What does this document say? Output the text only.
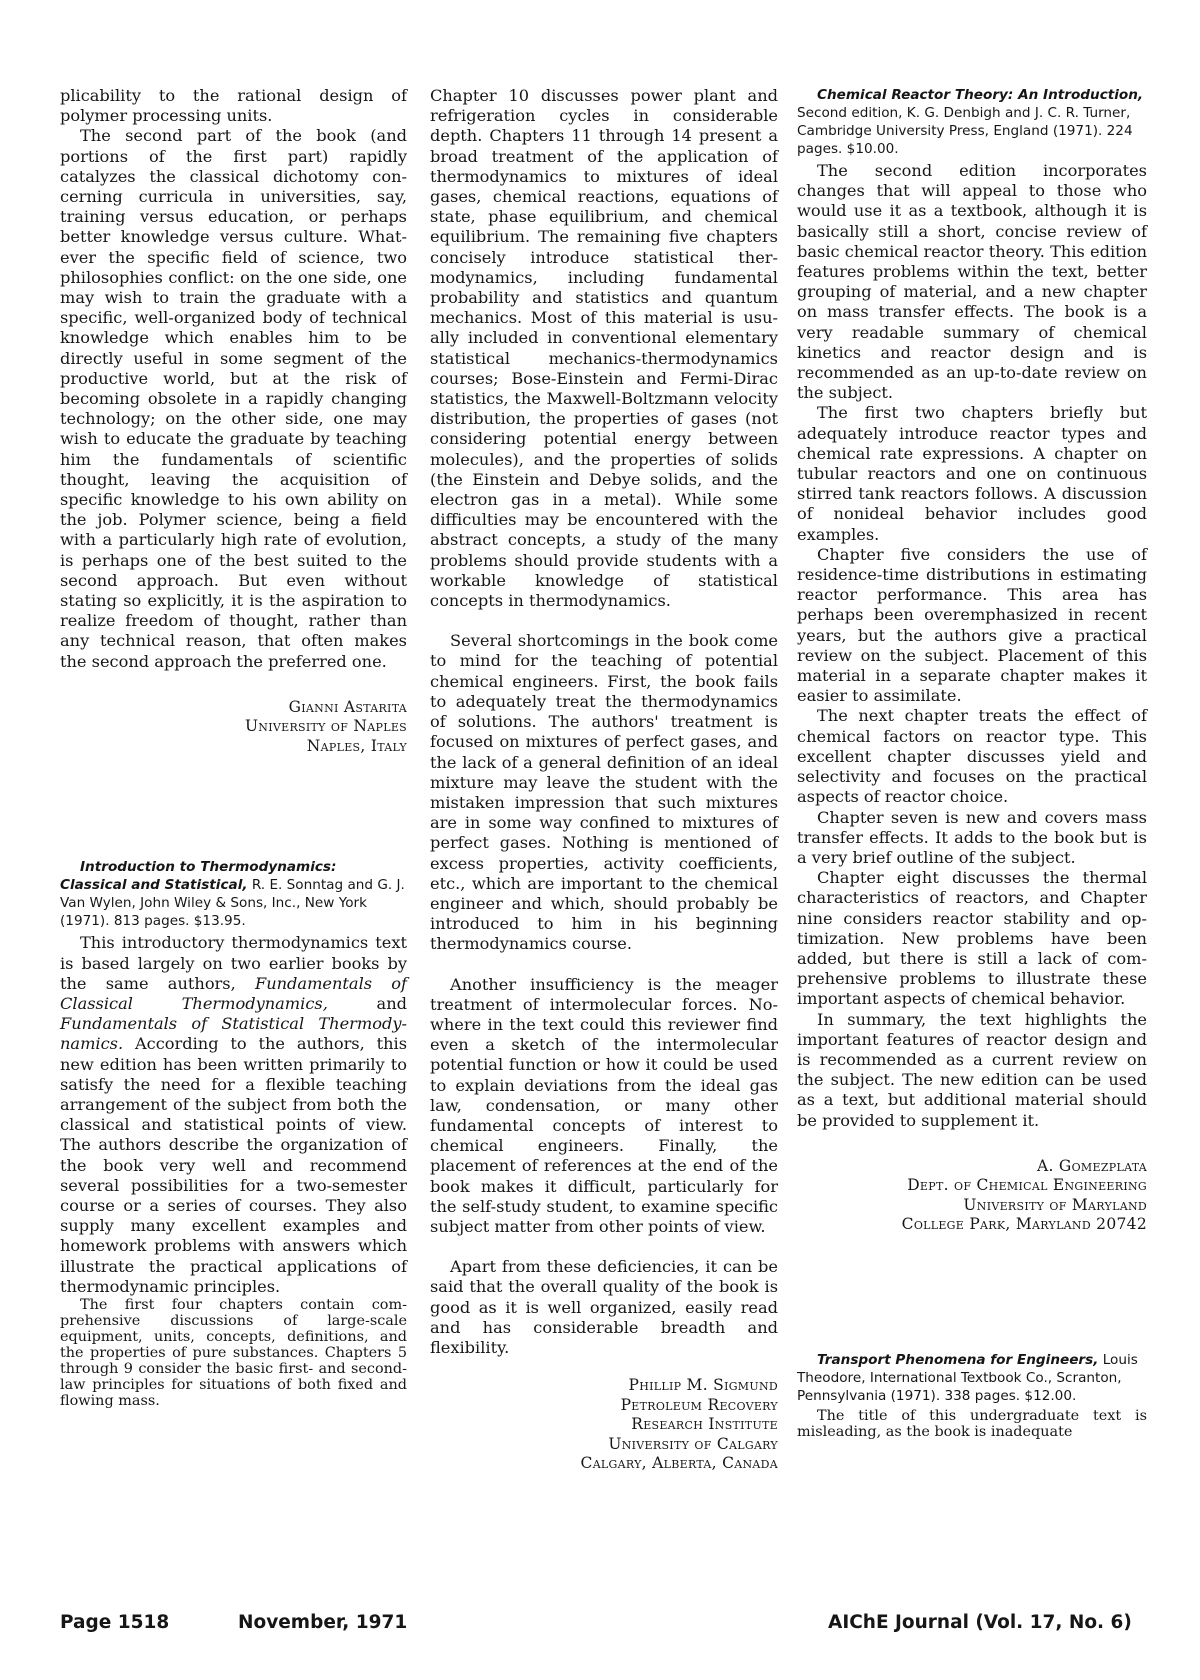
plicability to the rational design of polymer processing units.

The second part of the book (and portions of the first part) rapidly catalyzes the classical dichotomy concerning curricula in universities, say, training versus education, or perhaps better knowledge versus culture. Whatever the specific field of science, two philosophies conflict: on the one side, one may wish to train the graduate with a specific, well-organized body of technical knowledge which enables him to be directly useful in some segment of the productive world, but at the risk of becoming obsolete in a rapidly changing technology; on the other side, one may wish to educate the graduate by teaching him the fundamentals of scientific thought, leaving the acquisition of specific knowledge to his own ability on the job. Polymer science, being a field with a particularly high rate of evolution, is perhaps one of the best suited to the second approach. But even without stating so explicitly, it is the aspiration to realize freedom of thought, rather than any technical reason, that often makes the second approach the preferred one.

Gianni Astarita
University of Naples
Naples, Italy

Introduction to Thermodynamics: Classical and Statistical, R. E. Sonntag and G. J. Van Wylen, John Wiley & Sons, Inc., New York (1971). 813 pages. $13.95.

This introductory thermodynamics text is based largely on two earlier books by the same authors, Fundamentals of Classical Thermodynamics, and Fundamentals of Statistical Thermodynamics. According to the authors, this new edition has been written primarily to satisfy the need for a flexible teaching arrangement of the subject from both the classical and statistical points of view. The authors describe the organization of the book very well and recommend several possibilities for a two-semester course or a series of courses. They also supply many excellent examples and homework problems with answers which illustrate the practical applications of thermodynamic principles.

The first four chapters contain comprehensive discussions of large-scale equipment, units, concepts, definitions, and the properties of pure substances. Chapters 5 through 9 consider the basic first- and second-law principles for situations of both fixed and flowing mass.

Chapter 10 discusses power plant and refrigeration cycles in considerable depth. Chapters 11 through 14 present a broad treatment of the application of thermodynamics to mixtures of ideal gases, chemical reactions, equations of state, phase equilibrium, and chemical equilibrium. The remaining five chapters concisely introduce statistical thermodynamics, including fundamental probability and statistics and quantum mechanics. Most of this material is usually included in conventional elementary statistical mechanics-thermodynamics courses; Bose-Einstein and Fermi-Dirac statistics, the Maxwell-Boltzmann velocity distribution, the properties of gases (not considering potential energy between molecules), and the properties of solids (the Einstein and Debye solids, and the electron gas in a metal). While some difficulties may be encountered with the abstract concepts, a study of the many problems should provide students with a workable knowledge of statistical concepts in thermodynamics.

Several shortcomings in the book come to mind for the teaching of potential chemical engineers. First, the book fails to adequately treat the thermodynamics of solutions. The authors' treatment is focused on mixtures of perfect gases, and the lack of a general definition of an ideal mixture may leave the student with the mistaken impression that such mixtures are in some way confined to mixtures of perfect gases. Nothing is mentioned of excess properties, activity coefficients, etc., which are important to the chemical engineer and which, should probably be introduced to him in his beginning thermodynamics course.

Another insufficiency is the meager treatment of intermolecular forces. Nowhere in the text could this reviewer find even a sketch of the intermolecular potential function or how it could be used to explain deviations from the ideal gas law, condensation, or many other fundamental concepts of interest to chemical engineers. Finally, the placement of references at the end of the book makes it difficult, particularly for the self-study student, to examine specific subject matter from other points of view.

Apart from these deficiencies, it can be said that the overall quality of the book is good as it is well organized, easily read and has considerable breadth and flexibility.

Phillip M. Sigmund
Petroleum Recovery
Research Institute
University of Calgary
Calgary, Alberta, Canada

Chemical Reactor Theory: An Introduction, Second edition, K. G. Denbigh and J. C. R. Turner, Cambridge University Press, England (1971). 224 pages. $10.00.

The second edition incorporates changes that will appeal to those who would use it as a textbook, although it is basically still a short, concise review of basic chemical reactor theory. This edition features problems within the text, better grouping of material, and a new chapter on mass transfer effects. The book is a very readable summary of chemical kinetics and reactor design and is recommended as an up-to-date review on the subject.

The first two chapters briefly but adequately introduce reactor types and chemical rate expressions. A chapter on tubular reactors and one on continuous stirred tank reactors follows. A discussion of nonideal behavior includes good examples.

Chapter five considers the use of residence-time distributions in estimating reactor performance. This area has perhaps been overemphasized in recent years, but the authors give a practical review on the subject. Placement of this material in a separate chapter makes it easier to assimilate.

The next chapter treats the effect of chemical factors on reactor type. This excellent chapter discusses yield and selectivity and focuses on the practical aspects of reactor choice.

Chapter seven is new and covers mass transfer effects. It adds to the book but is a very brief outline of the subject.

Chapter eight discusses the thermal characteristics of reactors, and Chapter nine considers reactor stability and optimization. New problems have been added, but there is still a lack of comprehensive problems to illustrate these important aspects of chemical behavior.

In summary, the text highlights the important features of reactor design and is recommended as a current review on the subject. The new edition can be used as a text, but additional material should be provided to supplement it.

A. Gomezplata
Dept. of Chemical Engineering
University of Maryland
College Park, Maryland 20742

Transport Phenomena for Engineers, Louis Theodore, International Textbook Co., Scranton, Pennsylvania (1971). 338 pages. $12.00.

The title of this undergraduate text is misleading, as the book is inadequate

Page 1518	November, 1971	AIChE Journal (Vol. 17, No. 6)
